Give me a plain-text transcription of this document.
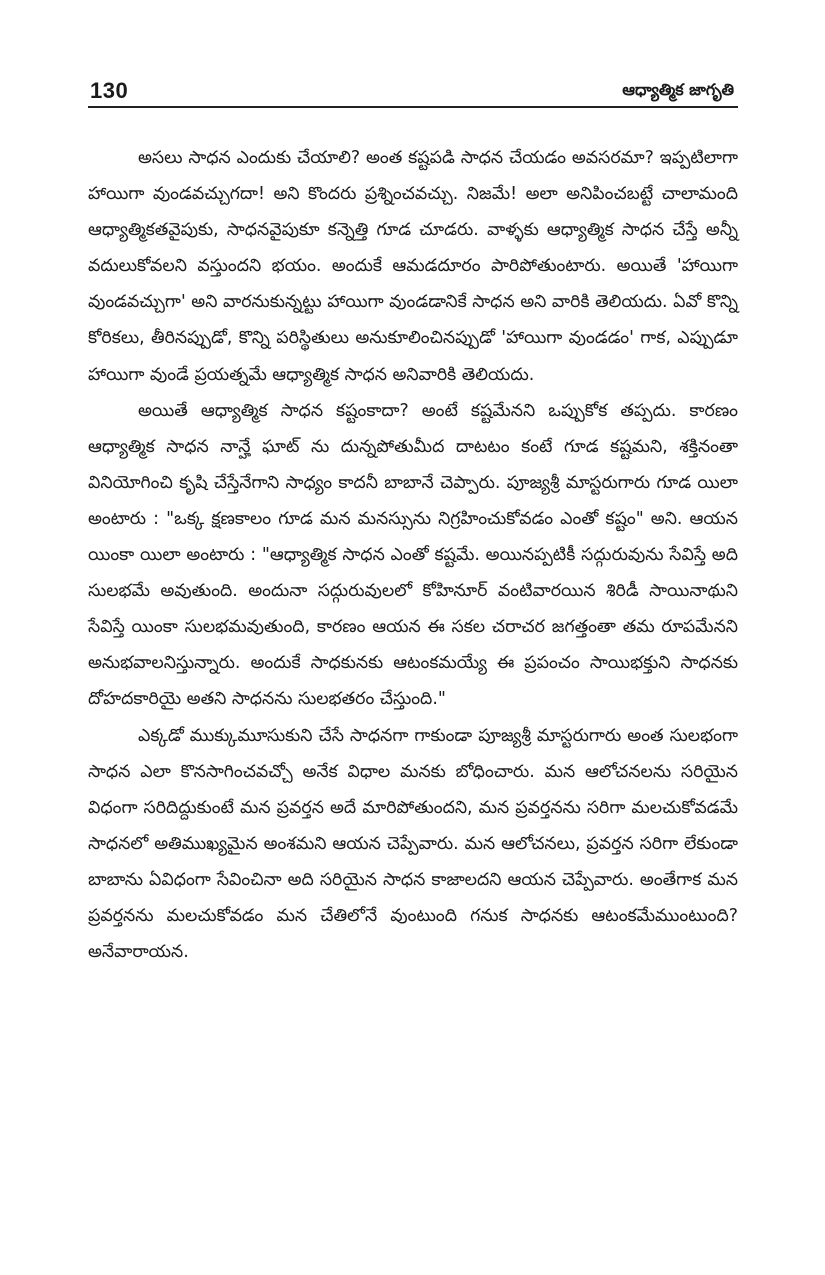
130	ఆధ్యాత్మిక జాగృతి

అసలు సాధన ఎందుకు చేయాలి? అంత కష్టపడి సాధన చేయడం అవసరమా? ఇప్పటిలాగా హాయిగా వుండవచ్చుగదా! అని కొందరు ప్రశ్నించవచ్చు. నిజమే! అలా అనిపించబట్టే చాలామంది ఆధ్యాత్మికతవైపుకు, సాధనవైపుకూ కన్నెత్తి గూడ చూడరు. వాళ్ళకు ఆధ్యాత్మిక సాధన చేస్తే అన్నీ వదులుకోవలని వస్తుందని భయం. అందుకే ఆమడదూరం పారిపోతుంటారు. అయితే 'హాయిగా వుండవచ్చుగా' అని వారనుకున్నట్టు హాయిగా వుండడానికే సాధన అని వారికి తెలియదు. ఏవో కొన్ని కోరికలు, తీరినప్పుడో, కొన్ని పరిస్థితులు అనుకూలించినప్పుడో 'హాయిగా వుండడం' గాక, ఎప్పుడూ హాయిగా వుండే ప్రయత్నమే ఆధ్యాత్మిక సాధన అనివారికి తెలియదు.

అయితే ఆధ్యాత్మిక సాధన కష్టంకాదా? అంటే కష్టమేనని ఒప్పుకోక తప్పదు. కారణం ఆధ్యాత్మిక సాధన నాన్హే ఘాట్ ను దున్నపోతుమీద దాటటం కంటే గూడ కష్టమని, శక్తినంతా వినియోగించి కృషి చేస్తేనేగాని సాధ్యం కాదనీ బాబానే చెప్పారు. పూజ్యశ్రీ మాస్టరుగారు గూడ యిలా అంటారు : "ఒక్క క్షణకాలం గూడ మన మనస్సును నిగ్రహించుకోవడం ఎంతో కష్టం" అని. ఆయన యింకా యిలా అంటారు : "ఆధ్యాత్మిక సాధన ఎంతో కష్టమే. అయినప్పటికీ సద్గురువును సేవిస్తే అది సులభమే అవుతుంది. అందునా సద్గురువులలో కోహినూర్ వంటివారయిన శిరిడీ సాయినాథుని సేవిస్తే యింకా సులభమవుతుంది, కారణం ఆయన ఈ సకల చరాచర జగత్తంతా తమ రూపమేనని అనుభవాలనిస్తున్నారు. అందుకే సాధకునకు ఆటంకమయ్యే ఈ ప్రపంచం సాయిభక్తుని సాధనకు దోహదకారియై అతని సాధనను సులభతరం చేస్తుంది."

ఎక్కడో ముక్కుమూసుకుని చేసే సాధనగా గాకుండా పూజ్యశ్రీ మాస్టరుగారు అంత సులభంగా సాధన ఎలా కొనసాగించవచ్చో అనేక విధాల మనకు బోధించారు. మన ఆలోచనలను సరియైన విధంగా సరిదిద్దుకుంటే మన ప్రవర్తన అదే మారిపోతుందని, మన ప్రవర్తనను సరిగా మలచుకోవడమే సాధనలో అతిముఖ్యమైన అంశమని ఆయన చెప్పేవారు. మన ఆలోచనలు, ప్రవర్తన సరిగా లేకుండా బాబాను ఏవిధంగా సేవించినా అది సరియైన సాధన కాజాలదని ఆయన చెప్పేవారు. అంతేగాక మన ప్రవర్తనను మలచుకోవడం మన చేతిలోనే వుంటుంది గనుక సాధనకు ఆటంకమేముంటుంది? అనేవారాయన.
